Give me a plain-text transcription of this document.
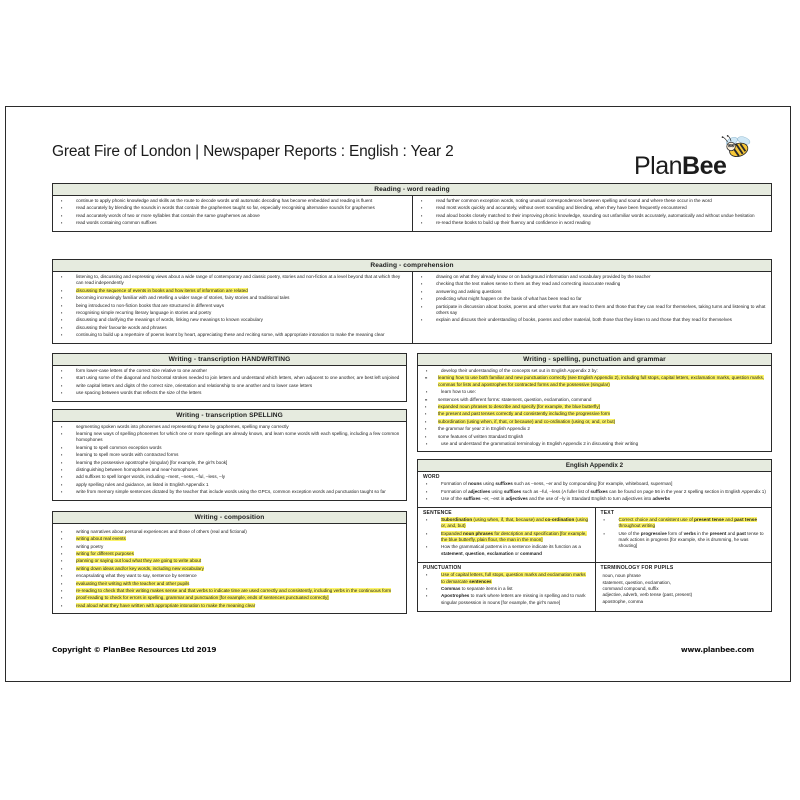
Great Fire of London | Newspaper Reports : English : Year 2
PlanBee
Reading - word reading
▪ continue to apply phonic knowledge and skills as the route to decode words until automatic decoding has become embedded and reading is fluent
▪ read accurately by blending the sounds in words that contain the graphemes taught so far, especially recognising alternative sounds for graphemes
▪ read accurately words of two or more syllables that contain the same graphemes as above
▪ read words containing common suffixes
▪ read further common exception words, noting unusual correspondences between spelling and sound and where these occur in the word
▪ read most words quickly and accurately, without overt sounding and blending, when they have been frequently encountered
▪ read aloud books closely matched to their improving phonic knowledge, sounding out unfamiliar words accurately, automatically and without undue hesitation
▪ re-read these books to build up their fluency and confidence in word reading
Reading - comprehension
▪ listening to, discussing and expressing views about a wide range of contemporary and classic poetry, stories and non-fiction at a level beyond that at which they can read independently
▪ discussing the sequence of events in books and how items of information are related
▪ becoming increasingly familiar with and retelling a wider range of stories, fairy stories and traditional tales
▪ being introduced to non-fiction books that are structured in different ways
▪ recognising simple recurring literary language in stories and poetry
▪ discussing and clarifying the meanings of words, linking new meanings to known vocabulary
▪ discussing their favourite words and phrases
▪ continuing to build up a repertoire of poems learnt by heart, appreciating these and reciting some, with appropriate intonation to make the meaning clear
▪ drawing on what they already know or on background information and vocabulary provided by the teacher
▪ checking that the text makes sense to them as they read and correcting inaccurate reading
▪ answering and asking questions
▪ predicting what might happen on the basis of what has been read so far
▪ participate in discussion about books, poems and other works that are read to them and those that they can read for themselves, taking turns and listening to what others say
▪ explain and discuss their understanding of books, poems and other material, both those that they listen to and those that they read for themselves
Writing - transcription HANDWRITING
▪ form lower-case letters of the correct size relative to one another
▪ start using some of the diagonal and horizontal strokes needed to join letters and understand which letters, when adjacent to one another, are best left unjoined
▪ write capital letters and digits of the correct size, orientation and relationship to one another and to lower case letters
▪ use spacing between words that reflects the size of the letters
Writing - transcription SPELLING
▪ segmenting spoken words into phonemes and representing these by graphemes, spelling many correctly
▪ learning new ways of spelling phonemes for which one or more spellings are already known, and learn some words with each spelling, including a few common homophones
▪ learning to spell common exception words
▪ learning to spell more words with contracted forms
▪ learning the possessive apostrophe (singular) [for example, the girl’s book]
▪ distinguishing between homophones and near-homophones
▪ add suffixes to spell longer words, including –ment, –ness, –ful, –less, –ly
▪ apply spelling rules and guidance, as listed in English Appendix 1
▪ write from memory simple sentences dictated by the teacher that include words using the GPCs, common exception words and punctuation taught so far
Writing - composition
▪ writing narratives about personal experiences and those of others (real and fictional)
▪ writing about real events
▪ writing poetry
▪ writing for different purposes
▪ planning or saying out loud what they are going to write about
▪ writing down ideas and/or key words, including new vocabulary
▪ encapsulating what they want to say, sentence by sentence
▪ evaluating their writing with the teacher and other pupils
▪ re-reading to check that their writing makes sense and that verbs to indicate time are used correctly and consistently, including verbs in the continuous form
▪ proof-reading to check for errors in spelling, grammar and punctuation [for example, ends of sentences punctuated correctly]
▪ read aloud what they have written with appropriate intonation to make the meaning clear
Writing - spelling, punctuation and grammar
▪ develop their understanding of the concepts set out in English Appendix 2 by:
▪ ▪ learning how to use both familiar and new punctuation correctly (see English Appendix 2), including full stops, capital letters, exclamation marks, question marks, commas for lists and apostrophes for contracted forms and the possessive (singular)
▪ learn how to use:
▪ ▪ sentences with different forms: statement, question, exclamation, command
▪ expanded noun phrases to describe and specify [for example, the blue butterfly]
▪ the present and past tenses correctly and consistently including the progressive form
▪ subordination (using when, if, that, or because) and co-ordination (using or, and, or but)
▪ the grammar for year 2 in English Appendix 2
▪ some features of written Standard English
▪ use and understand the grammatical terminology in English Appendix 2 in discussing their writing
English Appendix 2
WORD
▪ Formation of nouns using suffixes such as –ness, –er and by compounding [for example, whiteboard, superman]
▪ Formation of adjectives using suffixes such as –ful, –less (A fuller list of suffixes can be found on page 56 in the year 2 spelling section in English Appendix 1)
▪ Use of the suffixes –er, –est in adjectives and the use of –ly in Standard English to turn adjectives into adverbs
SENTENCE
▪ Subordination (using when, if, that, because) and co-ordination (using or, and, but)
▪ Expanded noun phrases for description and specification [for example, the blue butterfly, plain flour, the man in the moon]
▪ How the grammatical patterns in a sentence indicate its function as a statement, question, exclamation or command
TEXT
▪ Correct choice and consistent use of present tense and past tense throughout writing
▪ Use of the progressive form of verbs in the present and past tense to mark actions in progress [for example, she is drumming, he was shouting]
PUNCTUATION
▪ Use of capital letters, full stops, question marks and exclamation marks to demarcate sentences
▪ Commas to separate items in a list
▪ Apostrophes to mark where letters are missing in spelling and to mark singular possession in nouns [for example, the girl’s name]
TERMINOLOGY FOR PUPILS
noun, noun phrase
statement, question, exclamation,
command compound, suffix
adjective, adverb, verb tense (past, present)
apostrophe, comma
Copyright © PlanBee Resources Ltd 2019	www.planbee.com
